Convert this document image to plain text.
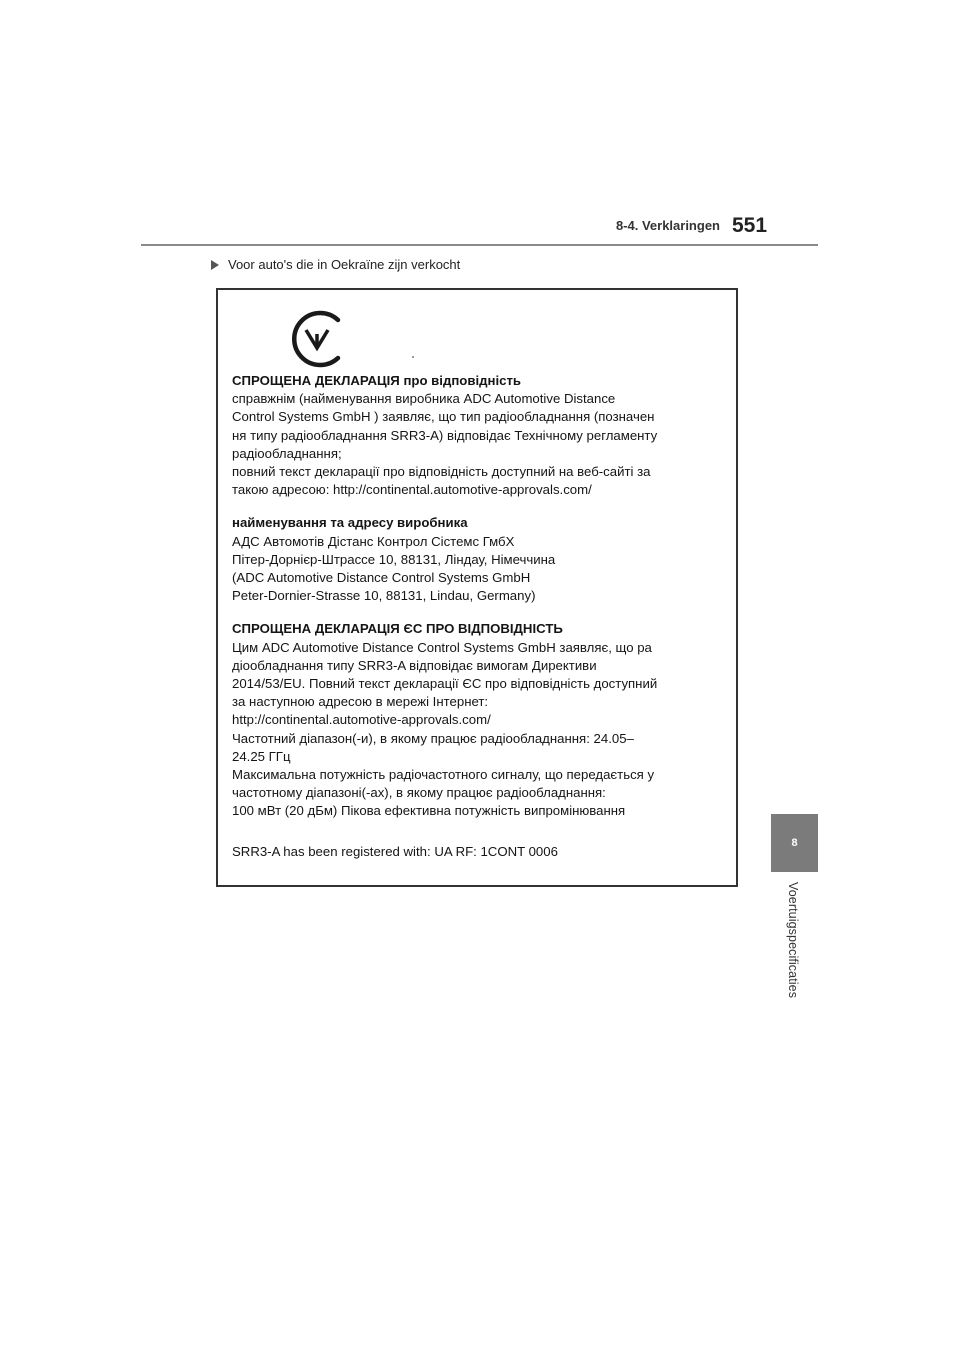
8-4. Verklaringen 551
Voor auto's die in Oekraïne zijn verkocht

СПРОЩЕНА ДЕКЛАРАЦІЯ про відповідність

справжнім (найменування виробника ADC Automotive Distance

Control Systems GmbH ) заявляє, що тип радіообладнання (позначен

ня типу радіообладнання SRR3-A) відповідає Технічному регламенту

радіообладнання;

повний текст декларації про відповідність доступний на веб-сайті за

такою адресою: http://continental.automotive-approvals.com/

найменування та адресу виробника

АДС Автомотів Дістанс Контрол Сістемс ГмбХ

Пітер-Дорнієр-Штрассе 10, 88131, Ліндау, Німеччина

(ADC Automotive Distance Control Systems GmbH

Peter-Dornier-Strasse 10, 88131, Lindau, Germany)

СПРОЩЕНА ДЕКЛАРАЦІЯ ЄС ПРО ВІДПОВІДНІСТЬ

Цим ADC Automotive Distance Control Systems GmbH заявляє, що ра

діообладнання типу SRR3-A відповідає вимогам Директиви

2014/53/EU. Повний текст декларації ЄС про відповідність доступний

за наступною адресою в мережі Інтернет:

http://continental.automotive-approvals.com/

Частотний діапазон(-и), в якому працює радіообладнання: 24.05–

24.25 ГГц

Максимальна потужність радіочастотного сигналу, що передається у

частотному діапазоні(-ах), в якому працює радіообладнання:

100 мВт (20 дБм) Пікова ефективна потужність випромінювання

SRR3-A has been registered with: UA RF: 1CONT 0006

8
Voertuigspecificaties
